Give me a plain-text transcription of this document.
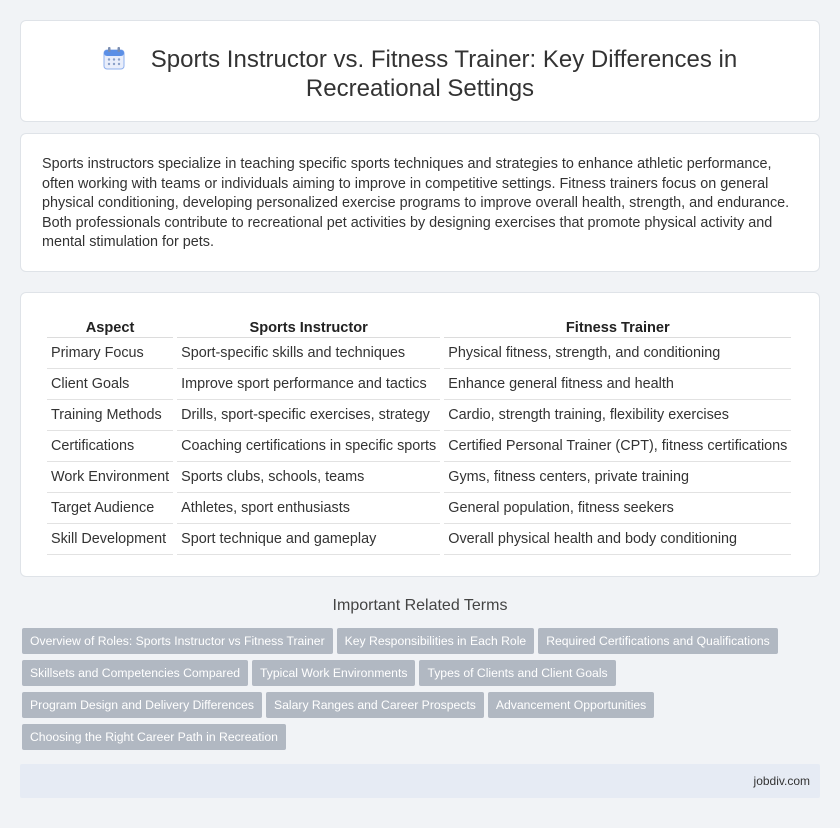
Sports Instructor vs. Fitness Trainer: Key Differences in
Recreational Settings

Sports instructors specialize in teaching specific sports techniques and strategies to enhance athletic performance, often working with teams or individuals aiming to improve in competitive settings. Fitness trainers focus on general physical conditioning, developing personalized exercise programs to improve overall health, strength, and endurance. Both professionals contribute to recreational pet activities by designing exercises that promote physical activity and mental stimulation for pets.

Aspect	Sports Instructor	Fitness Trainer
Primary Focus	Sport-specific skills and techniques	Physical fitness, strength, and conditioning
Client Goals	Improve sport performance and tactics	Enhance general fitness and health
Training Methods	Drills, sport-specific exercises, strategy	Cardio, strength training, flexibility exercises
Certifications	Coaching certifications in specific sports	Certified Personal Trainer (CPT), fitness certifications
Work Environment	Sports clubs, schools, teams	Gyms, fitness centers, private training
Target Audience	Athletes, sport enthusiasts	General population, fitness seekers
Skill Development	Sport technique and gameplay	Overall physical health and body conditioning
Important Related Terms
Overview of Roles: Sports Instructor vs Fitness Trainer Key Responsibilities in Each Role Required Certifications and Qualifications
Skillsets and Competencies Compared Typical Work Environments Types of Clients and Client Goals
Program Design and Delivery Differences Salary Ranges and Career Prospects Advancement Opportunities
Choosing the Right Career Path in Recreation
jobdiv.com
